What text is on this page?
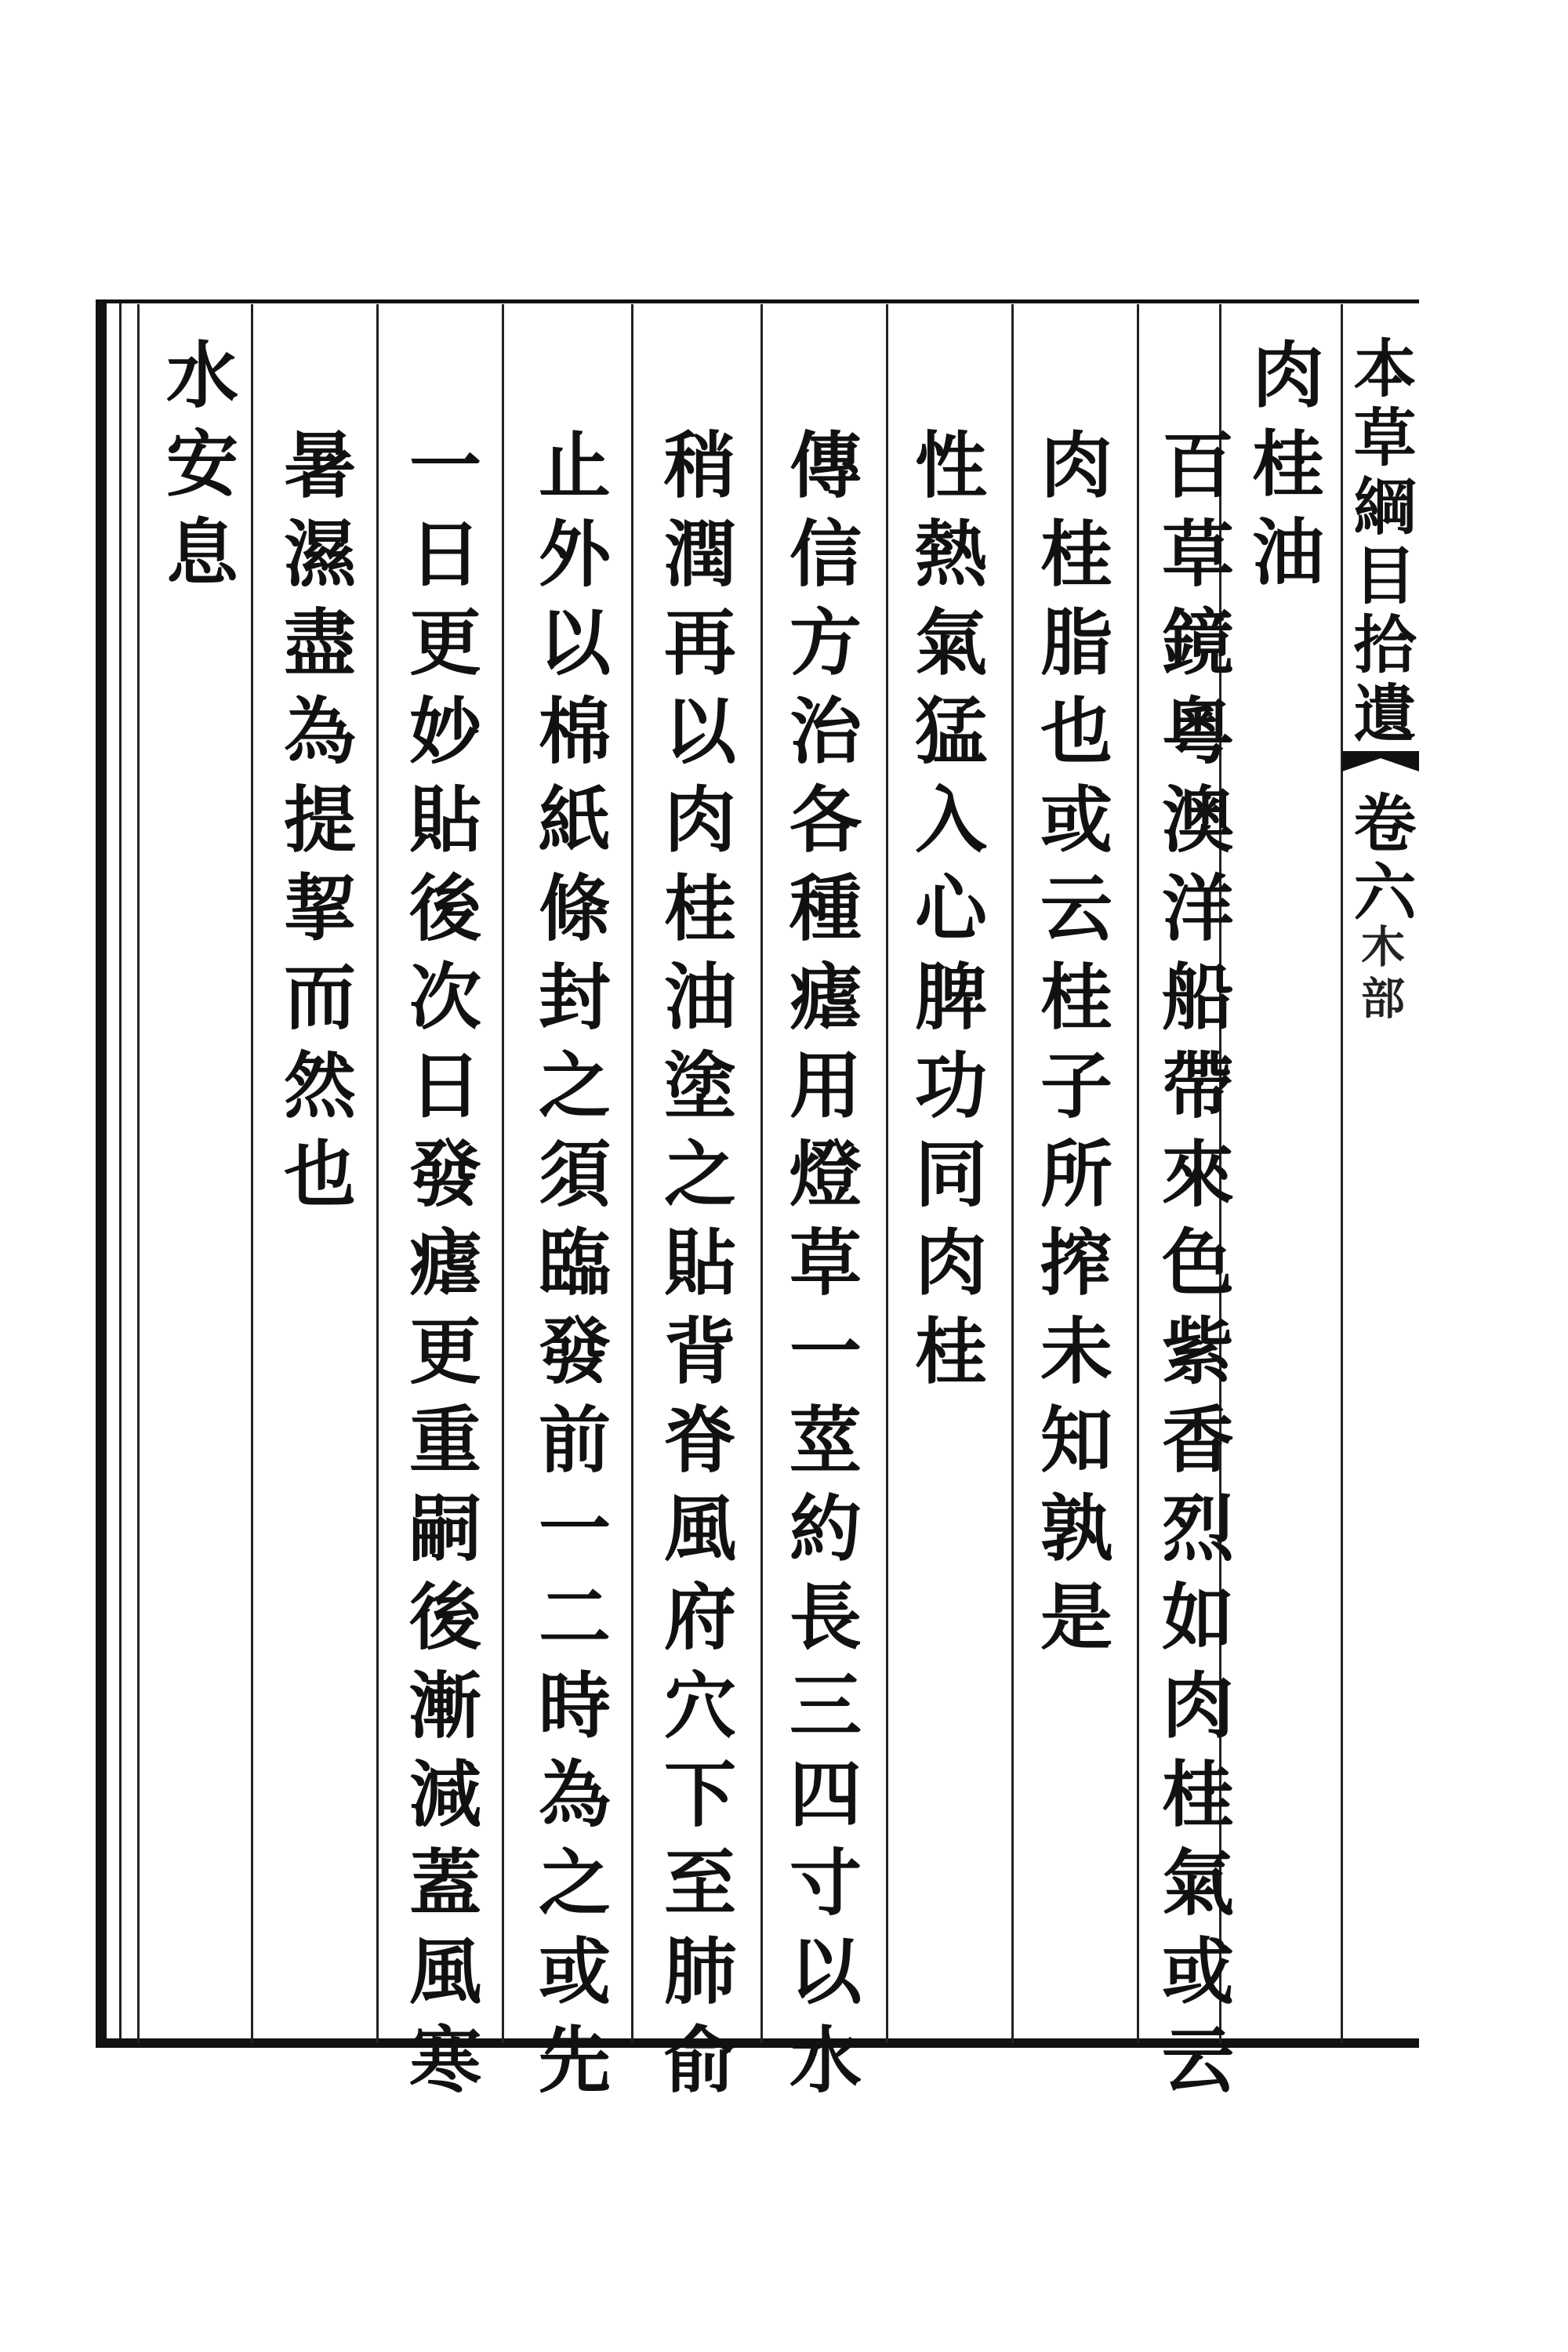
本草綱目拾遺
卷六
木部
肉桂油
百草鏡粵澳洋船帶來色紫香烈如肉桂氣或云
肉桂脂也或云桂子所搾未知孰是
性熱氣猛入心脾功同肉桂
傳信方治各種瘧用燈草一莖約長三四寸以水
稍潤再以肉桂油塗之貼背脊風府穴下至肺俞
止外以棉紙條封之須臨發前一二時為之或先
一日更妙貼後次日發瘧更重嗣後漸減蓋風寒
暑濕盡為提挈而然也
水安息
